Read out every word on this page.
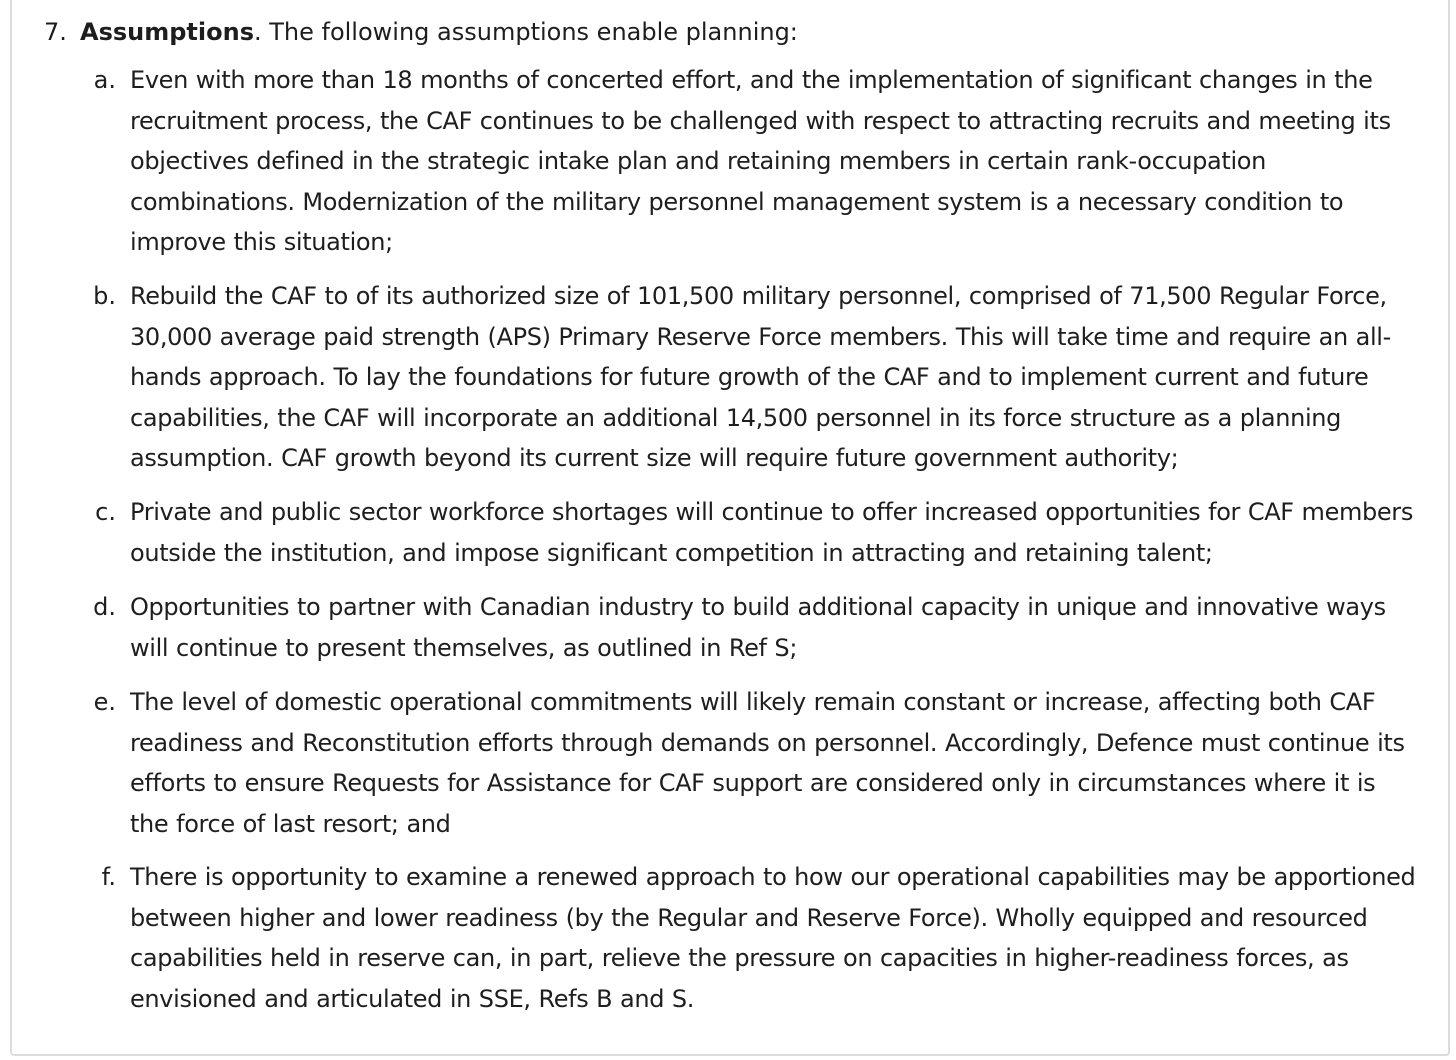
7. Assumptions. The following assumptions enable planning:
a. Even with more than 18 months of concerted effort, and the implementation of significant changes in the recruitment process, the CAF continues to be challenged with respect to attracting recruits and meeting its objectives defined in the strategic intake plan and retaining members in certain rank-occupation combinations. Modernization of the military personnel management system is a necessary condition to improve this situation;
b. Rebuild the CAF to of its authorized size of 101,500 military personnel, comprised of 71,500 Regular Force, 30,000 average paid strength (APS) Primary Reserve Force members. This will take time and require an all-hands approach. To lay the foundations for future growth of the CAF and to implement current and future capabilities, the CAF will incorporate an additional 14,500 personnel in its force structure as a planning assumption. CAF growth beyond its current size will require future government authority;
c. Private and public sector workforce shortages will continue to offer increased opportunities for CAF members outside the institution, and impose significant competition in attracting and retaining talent;
d. Opportunities to partner with Canadian industry to build additional capacity in unique and innovative ways will continue to present themselves, as outlined in Ref S;
e. The level of domestic operational commitments will likely remain constant or increase, affecting both CAF readiness and Reconstitution efforts through demands on personnel. Accordingly, Defence must continue its efforts to ensure Requests for Assistance for CAF support are considered only in circumstances where it is the force of last resort; and
f. There is opportunity to examine a renewed approach to how our operational capabilities may be apportioned between higher and lower readiness (by the Regular and Reserve Force). Wholly equipped and resourced capabilities held in reserve can, in part, relieve the pressure on capacities in higher-readiness forces, as envisioned and articulated in SSE, Refs B and S.
